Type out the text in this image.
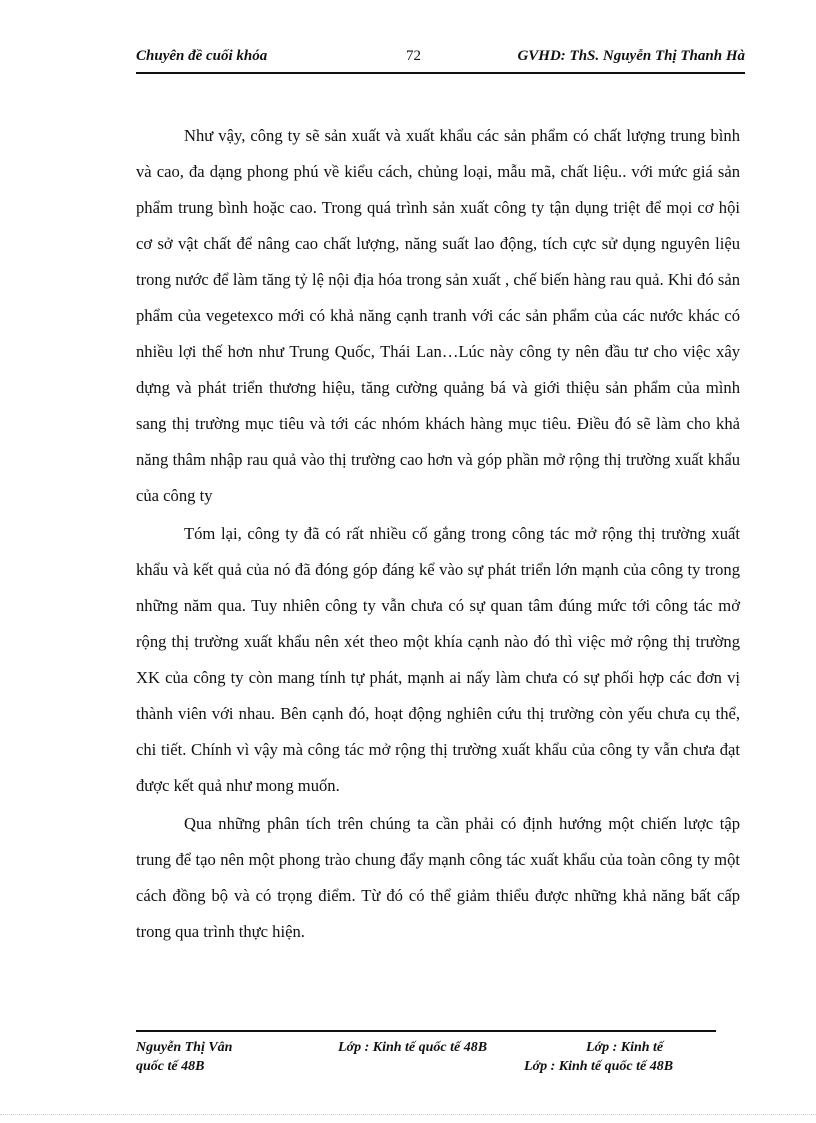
Chuyên đề cuối khóa	72	GVHD: ThS. Nguyễn Thị Thanh Hà

Như vậy, công ty sẽ sản xuất và xuất khẩu các sản phẩm có chất lượng trung bình và cao, đa dạng phong phú về kiểu cách, chủng loại, mẫu mã, chất liệu.. với mức giá sản phẩm trung bình hoặc cao. Trong quá trình sản xuất công ty tận dụng triệt để mọi cơ hội cơ sở vật chất để nâng cao chất lượng, năng suất lao động, tích cực sử dụng nguyên liệu trong nước để làm tăng tỷ lệ nội địa hóa trong sản xuất , chế biến hàng rau quả. Khi đó sản phẩm của vegetexco mới có khả năng cạnh tranh với các sản phẩm của các nước khác có nhiều lợi thế hơn như Trung Quốc, Thái Lan…Lúc này công ty nên đầu tư cho việc xây dựng và phát triển thương hiệu, tăng cường quảng bá và giới thiệu sản phẩm của mình sang thị trường mục tiêu và tới các nhóm khách hàng mục tiêu. Điều đó sẽ làm cho khả năng thâm nhập rau quả vào thị trường cao hơn và góp phần mở rộng thị trường xuất khẩu của công ty

Tóm lại, công ty đã có rất nhiều cố gắng trong công tác mở rộng thị trường xuất khẩu và kết quả của nó đã đóng góp đáng kể vào sự phát triển lớn mạnh của công ty trong những năm qua. Tuy nhiên công ty vẫn chưa có sự quan tâm đúng mức tới công tác mở rộng thị trường xuất khẩu nên xét theo một khía cạnh nào đó thì việc mở rộng thị trường XK của công ty còn mang tính tự phát, mạnh ai nấy làm chưa có sự phối hợp các đơn vị thành viên với nhau. Bên cạnh đó, hoạt động nghiên cứu thị trường còn yếu chưa cụ thể, chi tiết. Chính vì vậy mà công tác mở rộng thị trường xuất khẩu của công ty vẫn chưa đạt được kết quả như mong muốn.

Qua những phân tích trên chúng ta cần phải có định hướng một chiến lược tập trung để tạo nên một phong trào chung đẩy mạnh công tác xuất khẩu của toàn công ty một cách đồng bộ và có trọng điểm. Từ đó có thể giảm thiểu được những khả năng bất cấp trong qua trình thực hiện.

Nguyễn Thị Vân	Lớp : Kinh tế quốc tế 48B	Lớp : Kinh tế
quốc tế 48B	Lớp : Kinh tế quốc tế 48B
